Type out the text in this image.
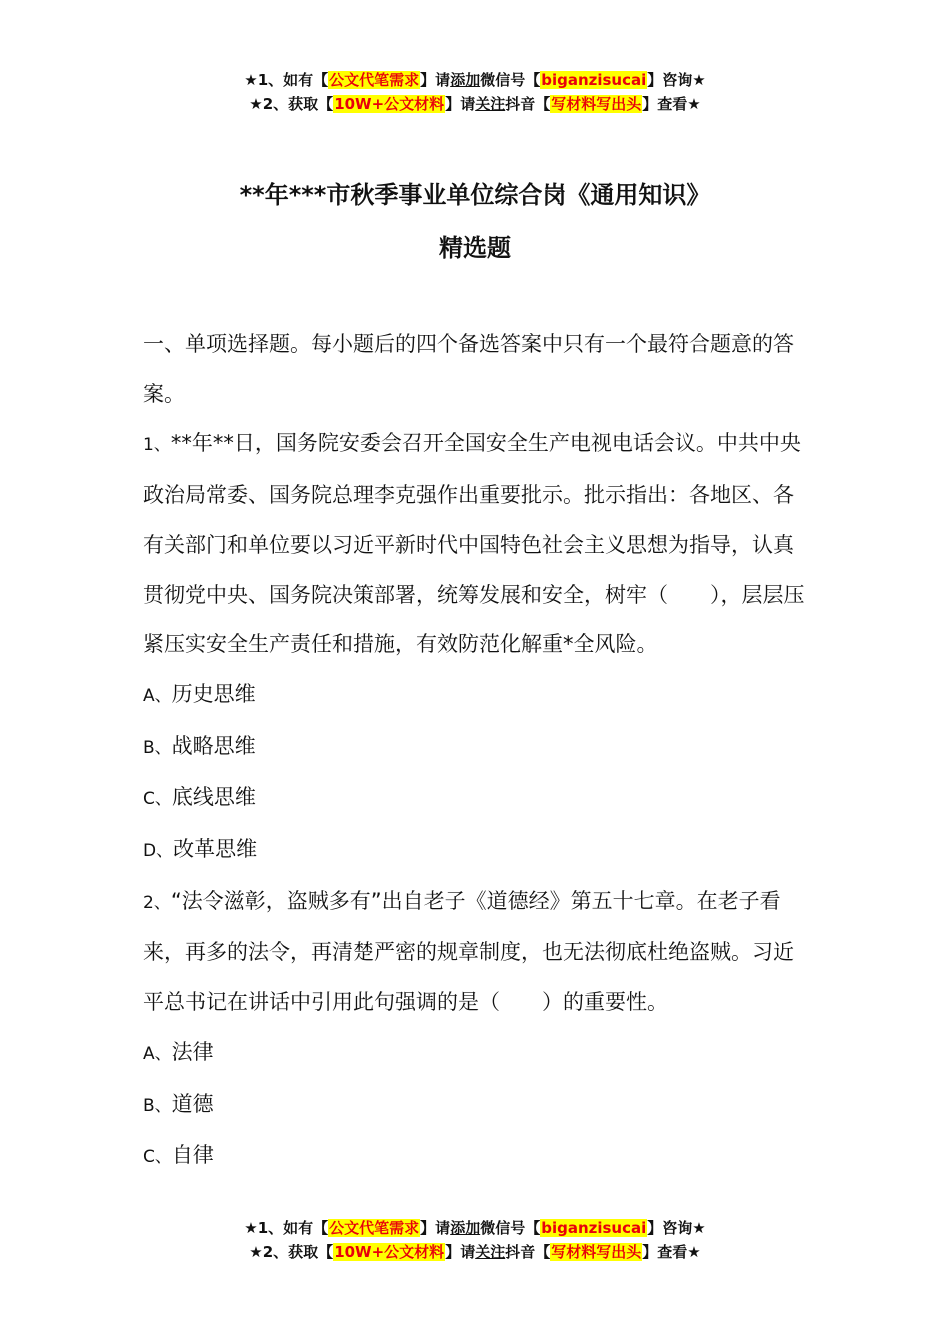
★1、如有【公文代笔需求】请添加微信号【biganzisucai】咨询★
★2、获取【10W+公文材料】请关注抖音【写材料写出头】查看★
**年***市秋季事业单位综合岗《通用知识》
精选题

一、单项选择题。每小题后的四个备选答案中只有一个最符合题意的答案。

1、**年**日，国务院安委会召开全国安全生产电视电话会议。中共中央政治局常委、国务院总理李克强作出重要批示。批示指出：各地区、各有关部门和单位要以习近平新时代中国特色社会主义思想为指导，认真贯彻党中央、国务院决策部署，统筹发展和安全，树牢（　　），层层压紧压实安全生产责任和措施，有效防范化解重*全风险。

A、历史思维

B、战略思维

C、底线思维

D、改革思维

2、“法令滋彰，盗贼多有”出自老子《道德经》第五十七章。在老子看来，再多的法令，再清楚严密的规章制度，也无法彻底杜绝盗贼。习近平总书记在讲话中引用此句强调的是（　　）的重要性。

A、法律

B、道德

C、自律

★1、如有【公文代笔需求】请添加微信号【biganzisucai】咨询★
★2、获取【10W+公文材料】请关注抖音【写材料写出头】查看★
